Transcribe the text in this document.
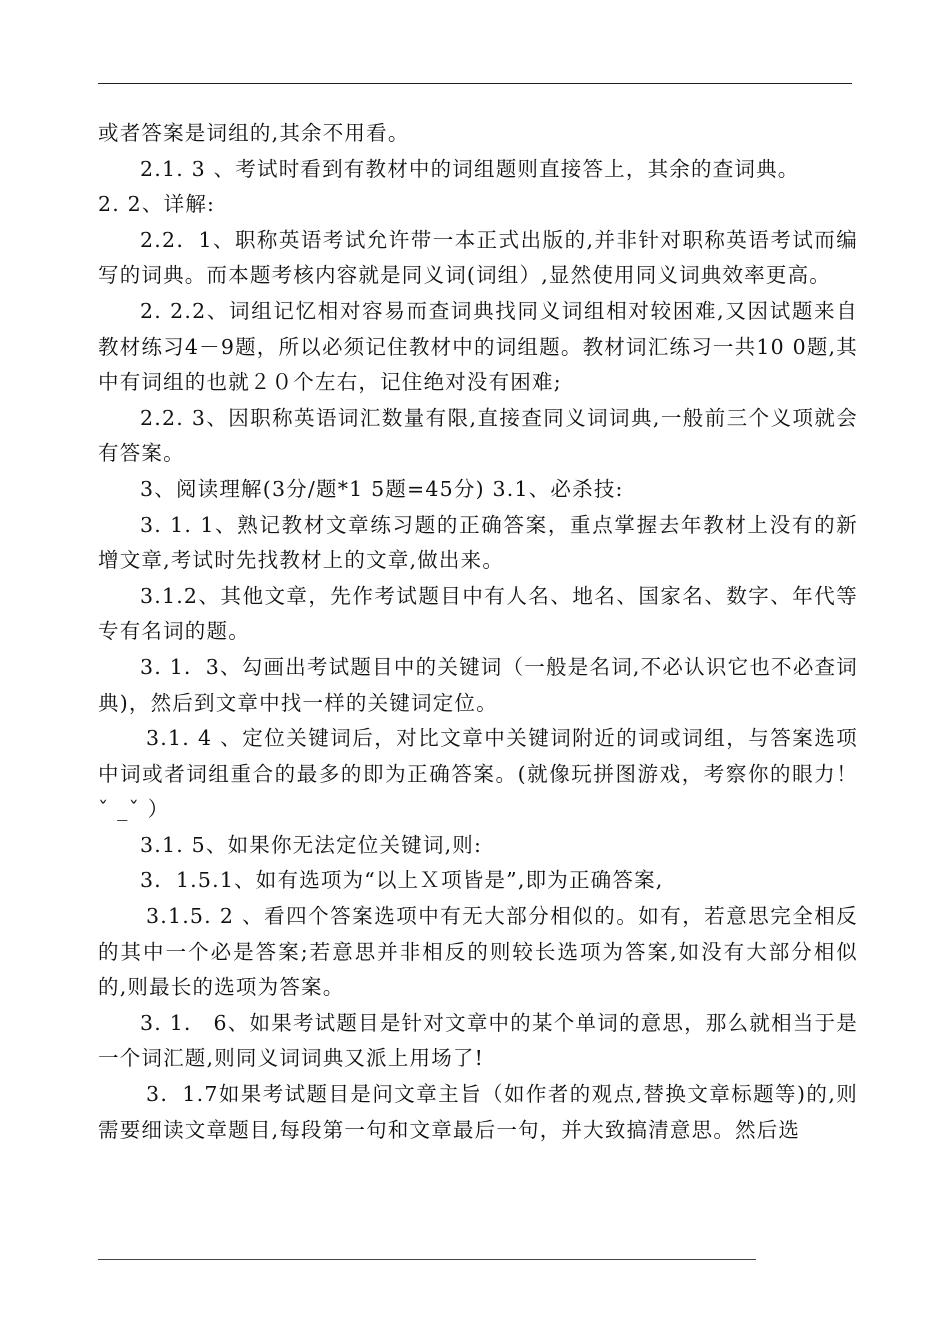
或者答案是词组的,其余不用看。

2.1. 3 、考试时看到有教材中的词组题则直接答上，其余的查词典。

2. 2、详解:

2.2．1、职称英语考试允许带一本正式出版的,并非针对职称英语考试而编写的词典。而本题考核内容就是同义词(词组）,显然使用同义词典效率更高。

2. 2.2、词组记忆相对容易而查词典找同义词组相对较困难,又因试题来自教材练习4－9题，所以必须记住教材中的词组题。教材词汇练习一共10 0题,其中有词组的也就２０个左右，记住绝对没有困难;

2.2. 3、因职称英语词汇数量有限,直接查同义词词典,一般前三个义项就会有答案。

3、阅读理解(3分/题*1 5题=45分) 3.1、必杀技:

3. 1. 1、熟记教材文章练习题的正确答案，重点掌握去年教材上没有的新增文章,考试时先找教材上的文章,做出来。

3.1.2、其他文章，先作考试题目中有人名、地名、国家名、数字、年代等专有名词的题。

3. 1．3、勾画出考试题目中的关键词（一般是名词,不必认识它也不必查词典)，然后到文章中找一样的关键词定位。

3.1. 4 、定位关键词后，对比文章中关键词附近的词或词组，与答案选项中词或者词组重合的最多的即为正确答案。(就像玩拼图游戏，考察你的眼力！ ˇ _ˇ ）

3.1. 5、如果你无法定位关键词,则:

3．1.5.1、如有选项为“以上Ｘ项皆是”,即为正确答案,

3.1.5. 2 、看四个答案选项中有无大部分相似的。如有，若意思完全相反的其中一个必是答案;若意思并非相反的则较长选项为答案,如没有大部分相似的,则最长的选项为答案。

3. 1． 6、如果考试题目是针对文章中的某个单词的意思，那么就相当于是一个词汇题,则同义词词典又派上用场了!

3．1.7如果考试题目是问文章主旨（如作者的观点,替换文章标题等)的,则需要细读文章题目,每段第一句和文章最后一句，并大致搞清意思。然后选
